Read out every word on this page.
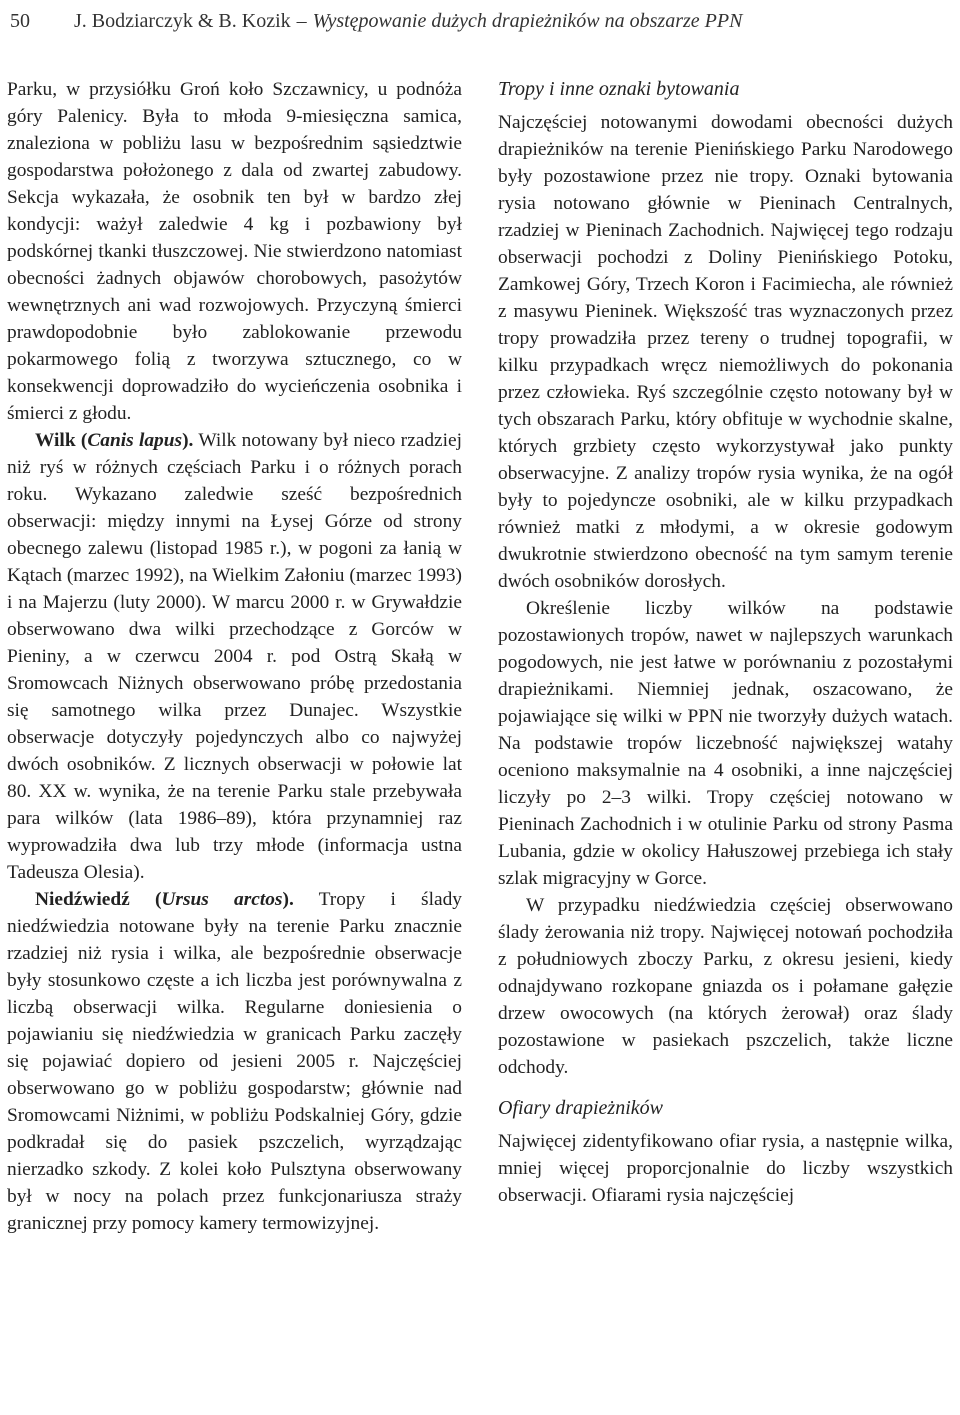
50 J. Bodziarczyk & B. Kozik – Występowanie dużych drapieżników na obszarze PPN

Parku, w przysiółku Groń koło Szczawnicy, u podnóża góry Palenicy. Była to młoda 9-miesięczna samica, znaleziona w pobliżu lasu w bezpośrednim sąsiedztwie gospodarstwa położonego z dala od zwartej zabudowy. Sekcja wykazała, że osobnik ten był w bardzo złej kondycji: ważył zaledwie 4 kg i pozbawiony był podskórnej tkanki tłuszczowej. Nie stwierdzono natomiast obecności żadnych objawów chorobowych, pasożytów wewnętrznych ani wad rozwojowych. Przyczyną śmierci prawdopodobnie było zablokowanie przewodu pokarmowego folią z tworzywa sztucznego, co w konsekwencji doprowadziło do wycieńczenia osobnika i śmierci z głodu.

Wilk (Canis lapus). Wilk notowany był nieco rzadziej niż ryś w różnych częściach Parku i o różnych porach roku. Wykazano zaledwie sześć bezpośrednich obserwacji: między innymi na Łysej Górze od strony obecnego zalewu (listopad 1985 r.), w pogoni za łanią w Kątach (marzec 1992), na Wielkim Załoniu (marzec 1993) i na Majerzu (luty 2000). W marcu 2000 r. w Grywałdzie obserwowano dwa wilki przechodzące z Gorców w Pieniny, a w czerwcu 2004 r. pod Ostrą Skałą w Sromowcach Niżnych obserwowano próbę przedostania się samotnego wilka przez Dunajec. Wszystkie obserwacje dotyczyły pojedynczych albo co najwyżej dwóch osobników. Z licznych obserwacji w połowie lat 80. XX w. wynika, że na terenie Parku stale przebywała para wilków (lata 1986–89), która przynamniej raz wyprowadziła dwa lub trzy młode (informacja ustna Tadeusza Olesia).

Niedźwiedź (Ursus arctos). Tropy i ślady niedźwiedzia notowane były na terenie Parku znacznie rzadziej niż rysia i wilka, ale bezpośrednie obserwacje były stosunkowo częste a ich liczba jest porównywalna z liczbą obserwacji wilka. Regularne doniesienia o pojawianiu się niedźwiedzia w granicach Parku zaczęły się pojawiać dopiero od jesieni 2005 r. Najczęściej obserwowano go w pobliżu gospodarstw; głównie nad Sromowcami Niżnimi, w pobliżu Podskalniej Góry, gdzie podkradał się do pasiek pszczelich, wyrządzając nierzadko szkody. Z kolei koło Pulsztyna obserwowany był w nocy na polach przez funkcjonariusza straży granicznej przy pomocy kamery termowizyjnej.

Tropy i inne oznaki bytowania

Najczęściej notowanymi dowodami obecności dużych drapieżników na terenie Pienińskiego Parku Narodowego były pozostawione przez nie tropy. Oznaki bytowania rysia notowano głównie w Pieninach Centralnych, rzadziej w Pieninach Zachodnich. Najwięcej tego rodzaju obserwacji pochodzi z Doliny Pienińskiego Potoku, Zamkowej Góry, Trzech Koron i Facimiecha, ale również z masywu Pieninek. Większość tras wyznaczonych przez tropy prowadziła przez tereny o trudnej topografii, w kilku przypadkach wręcz niemożliwych do pokonania przez człowieka. Ryś szczególnie często notowany był w tych obszarach Parku, który obfituje w wychodnie skalne, których grzbiety często wykorzystywał jako punkty obserwacyjne. Z analizy tropów rysia wynika, że na ogół były to pojedyncze osobniki, ale w kilku przypadkach również matki z młodymi, a w okresie godowym dwukrotnie stwierdzono obecność na tym samym terenie dwóch osobników dorosłych.

Określenie liczby wilków na podstawie pozostawionych tropów, nawet w najlepszych warunkach pogodowych, nie jest łatwe w porównaniu z pozostałymi drapieżnikami. Niemniej jednak, oszacowano, że pojawiające się wilki w PPN nie tworzyły dużych watach. Na podstawie tropów liczebność największej watahy oceniono maksymalnie na 4 osobniki, a inne najczęściej liczyły po 2–3 wilki. Tropy częściej notowano w Pieninach Zachodnich i w otulinie Parku od strony Pasma Lubania, gdzie w okolicy Hałuszowej przebiega ich stały szlak migracyjny w Gorce.

W przypadku niedźwiedzia częściej obserwowano ślady żerowania niż tropy. Najwięcej notowań pochodziła z południowych zboczy Parku, z okresu jesieni, kiedy odnajdywano rozkopane gniazda os i połamane gałęzie drzew owocowych (na których żerował) oraz ślady pozostawione w pasiekach pszczelich, także liczne odchody.

Ofiary drapieżników

Najwięcej zidentyfikowano ofiar rysia, a następnie wilka, mniej więcej proporcjonalnie do liczby wszystkich obserwacji. Ofiarami rysia najczęściej
